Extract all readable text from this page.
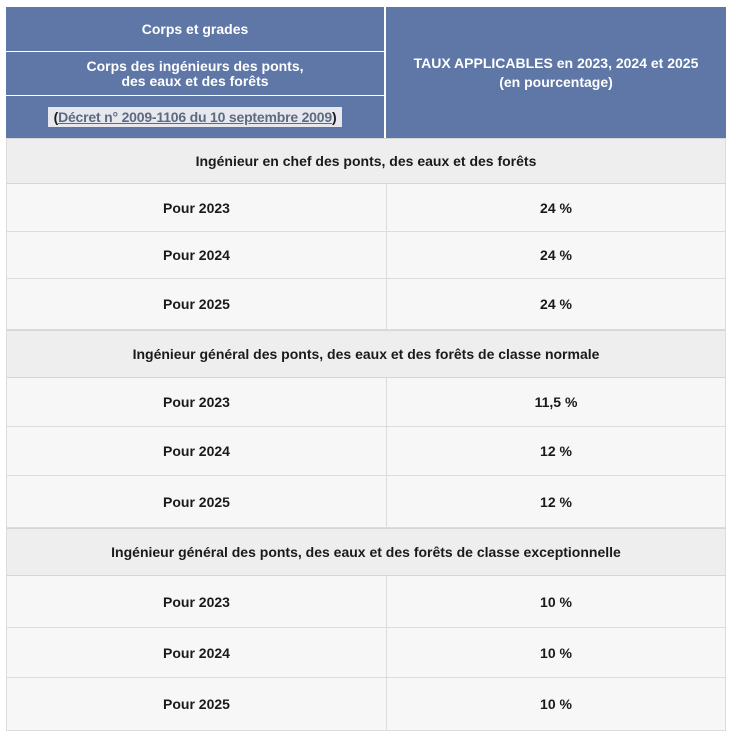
Corps et grades
Corps des ingénieurs des ponts,
des eaux et des forêts
(Décret n° 2009-1106 du 10 septembre 2009)
TAUX APPLICABLES en 2023, 2024 et 2025
(en pourcentage)
Ingénieur en chef des ponts, des eaux et des forêts
Pour 2023	24 %
Pour 2024	24 %
Pour 2025	24 %
Ingénieur général des ponts, des eaux et des forêts de classe normale
Pour 2023	11,5 %
Pour 2024	12 %
Pour 2025	12 %
Ingénieur général des ponts, des eaux et des forêts de classe exceptionnelle
Pour 2023	10 %
Pour 2024	10 %
Pour 2025	10 %
